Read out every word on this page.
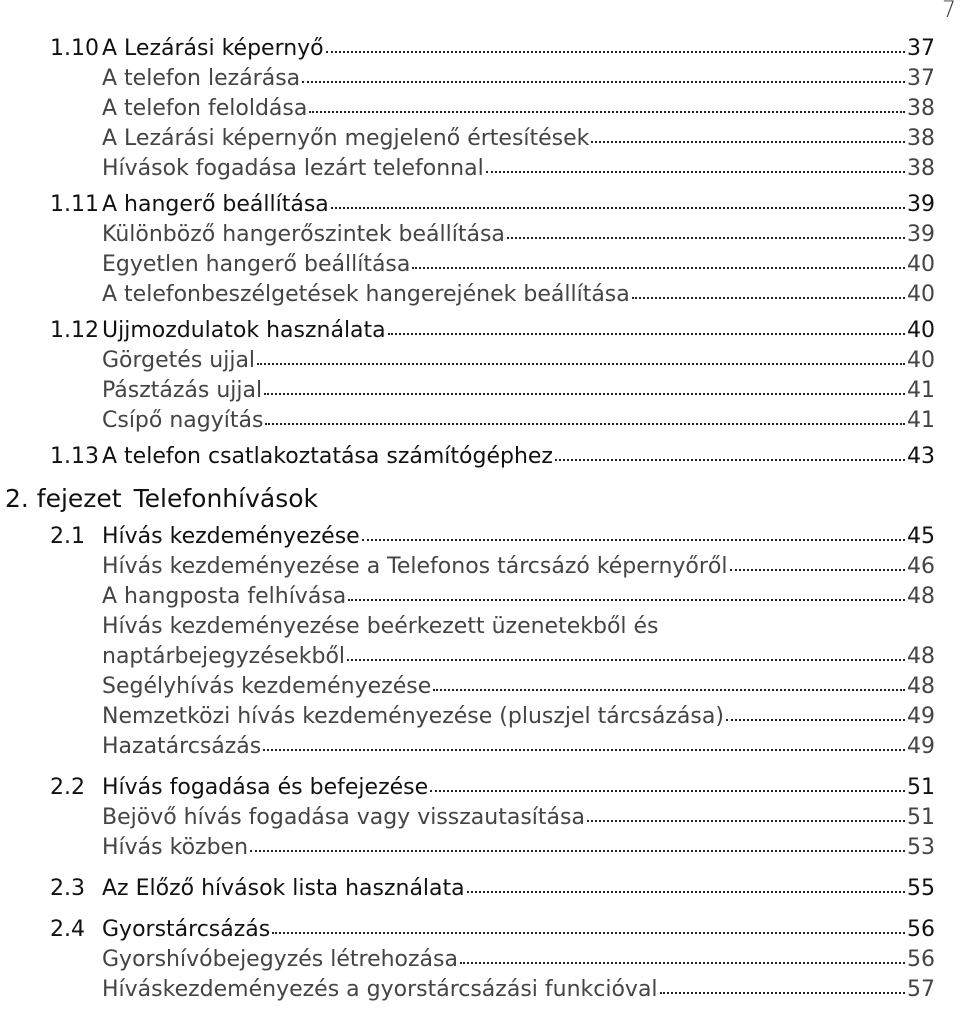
7
1.10 A Lezárási képernyő	37
A telefon lezárása	37
A telefon feloldása	38
A Lezárási képernyőn megjelenő értesítések	38
Hívások fogadása lezárt telefonnal	38
1.11 A hangerő beállítása	39
Különböző hangerőszintek beállítása	39
Egyetlen hangerő beállítása	40
A telefonbeszélgetések hangerejének beállítása	40
1.12 Ujjmozdulatok használata	40
Görgetés ujjal	40
Pásztázás ujjal	41
Csípő nagyítás	41
1.13 A telefon csatlakoztatása számítógéphez	43
2. fejezet Telefonhívások
2.1 Hívás kezdeményezése	45
Hívás kezdeményezése a Telefonos tárcsázó képernyőről	46
A hangposta felhívása	48
Hívás kezdeményezése beérkezett üzenetekből és
naptárbejegyzésekből	48
Segélyhívás kezdeményezése	48
Nemzetközi hívás kezdeményezése (pluszjel tárcsázása)	49
Hazatárcsázás	49
2.2 Hívás fogadása és befejezése	51
Bejövő hívás fogadása vagy visszautasítása	51
Hívás közben	53
2.3 Az Előző hívások lista használata	55
2.4 Gyorstárcsázás	56
Gyorshívóbejegyzés létrehozása	56
Híváskezdeményezés a gyorstárcsázási funkcióval	57
